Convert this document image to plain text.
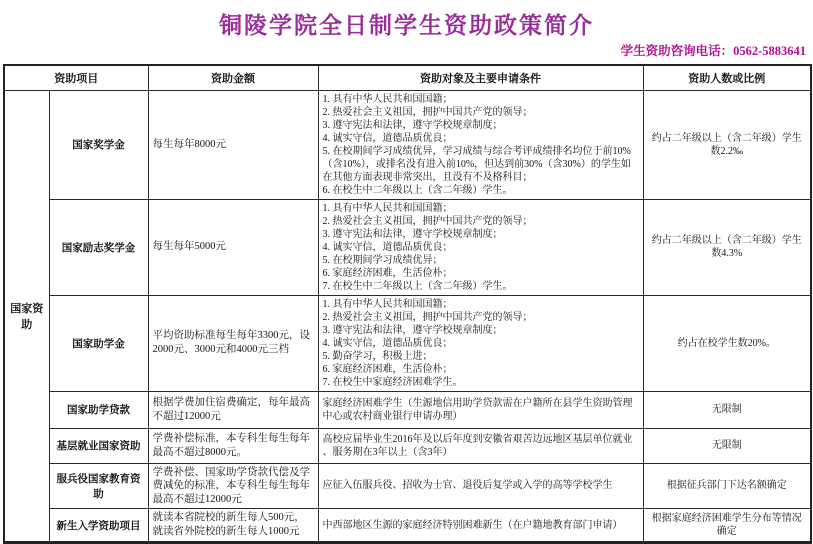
铜陵学院全日制学生资助政策简介
学生资助咨询电话：0562-5883641
资助项目		资助金额	资助对象及主要申请条件	资助人数或比例
国家资助	国家奖学金	每生每年8000元	1. 具有中华人民共和国国籍；
2. 热爱社会主义祖国，拥护中国共产党的领导；
3. 遵守宪法和法律，遵守学校规章制度；
4. 诚实守信，道德品质优良；
5. 在校期间学习成绩优异，学习成绩与综合考评成绩排名均位于前10%（含10%），或排名没有进入前10%，但达到前30%（含30%）的学生如在其他方面表现非常突出，且没有不及格科目；
6. 在校生中二年级以上（含二年级）学生。	约占二年级以上（含二年级）学生数2.2‰
国家励志奖学金	每生每年5000元	1. 具有中华人民共和国国籍；
2. 热爱社会主义祖国，拥护中国共产党的领导；
3. 遵守宪法和法律，遵守学校规章制度；
4. 诚实守信，道德品质优良；
5. 在校期间学习成绩优异；
6. 家庭经济困难，生活俭朴；
7. 在校生中二年级以上（含二年级）学生。	约占二年级以上（含二年级）学生数4.3%
国家助学金	平均资助标准每生每年3300元，设2000元、3000元和4000元三档	1. 具有中华人民共和国国籍；
2. 热爱社会主义祖国，拥护中国共产党的领导；
3. 遵守宪法和法律，遵守学校规章制度；
4. 诚实守信，道德品质优良；
5. 勤奋学习，积极上进；
6. 家庭经济困难，生活俭朴；
7. 在校生中家庭经济困难学生。	约占在校学生数20%。
	国家助学贷款	根据学费加住宿费确定，每年最高不超过12000元	家庭经济困难学生（生源地信用助学贷款需在户籍所在县学生资助管理中心或农村商业银行申请办理）	无限制
	基层就业国家资助	学费补偿标准，本专科生每生每年最高不超过8000元。	高校应届毕业生2016年及以后年度到安徽省艰苦边远地区基层单位就业 、服务期在3年以上（含3年）	无限制
	服兵役国家教育资助	学费补偿、国家助学贷款代偿及学费减免的标准，本专科生每生每年最高不超过12000元	应征入伍服兵役、招收为士官、退役后复学或入学的高等学校学生	根据征兵部门下达名额确定
	新生入学资助项目	就读本省院校的新生每人500元，就读省外院校的新生每人1000元	中西部地区生源的家庭经济特别困难新生（在户籍地教育部门申请）	根据家庭经济困难学生分布等情况确定
